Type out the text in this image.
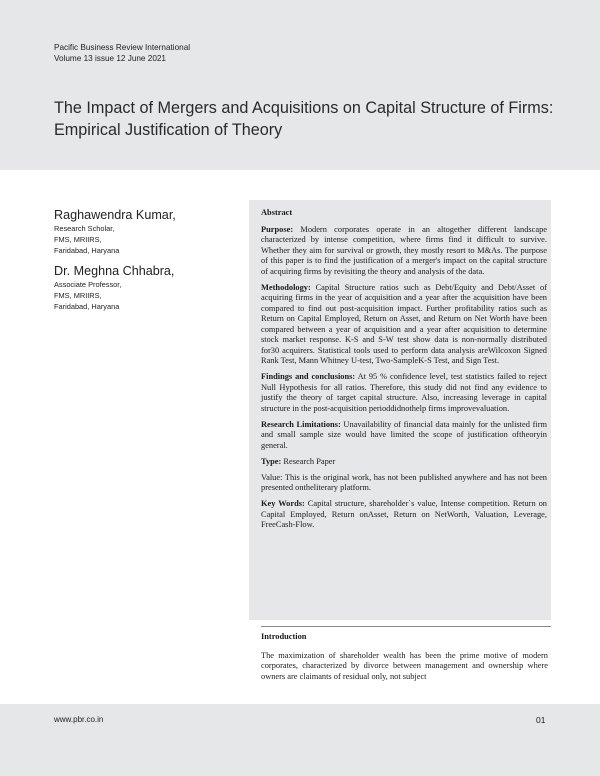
Pacific Business Review International
Volume 13 issue 12 June 2021
The Impact of Mergers and Acquisitions on Capital Structure of Firms:
Empirical Justification of Theory
Raghawendra Kumar,
Research Scholar,
FMS, MRIIRS,
Faridabad, Haryana
Dr. Meghna Chhabra,
Associate Professor,
FMS, MRIIRS,
Faridabad, Haryana

Abstract

Purpose: Modern corporates operate in an altogether different landscape characterized by intense competition, where firms find it difficult to survive. Whether they aim for survival or growth, they mostly resort to M&As. The purpose of this paper is to find the justification of a merger's impact on the capital structure of acquiring firms by revisiting the theory and analysis of the data.

Methodology: Capital Structure ratios such as Debt/Equity and Debt/Asset of acquiring firms in the year of acquisition and a year after the acquisition have been compared to find out post-acquisition impact. Further profitability ratios such as Return on Capital Employed, Return on Asset, and Return on Net Worth have been compared between a year of acquisition and a year after acquisition to determine stock market response. K-S and S-W test show data is non-normally distributed for30 acquirers. Statistical tools used to perform data analysis areWilcoxon Signed Rank Test, Mann Whitney U-test, Two-SampleK-S Test, and Sign Test.

Findings and conclusions: At 95 % confidence level, test statistics failed to reject Null Hypothesis for all ratios. Therefore, this study did not find any evidence to justify the theory of target capital structure. Also, increasing leverage in capital structure in the post-acquisition perioddidnothelp firms improvevaluation.

Research Limitations: Unavailability of financial data mainly for the unlisted firm and small sample size would have limited the scope of justification oftheoryin general.

Type: Research Paper

Value: This is the original work, has not been published anywhere and has not been presented ontheliterary platform.

Key Words: Capital structure, shareholder`s value, Intense competition. Return on Capital Employed, Return onAsset, Return on NetWorth, Valuation, Leverage, FreeCash-Flow.

Introduction

The maximization of shareholder wealth has been the prime motive of modern corporates, characterized by divorce between management and ownership where owners are claimants of residual only, not subject

www.pbr.co.in	01
